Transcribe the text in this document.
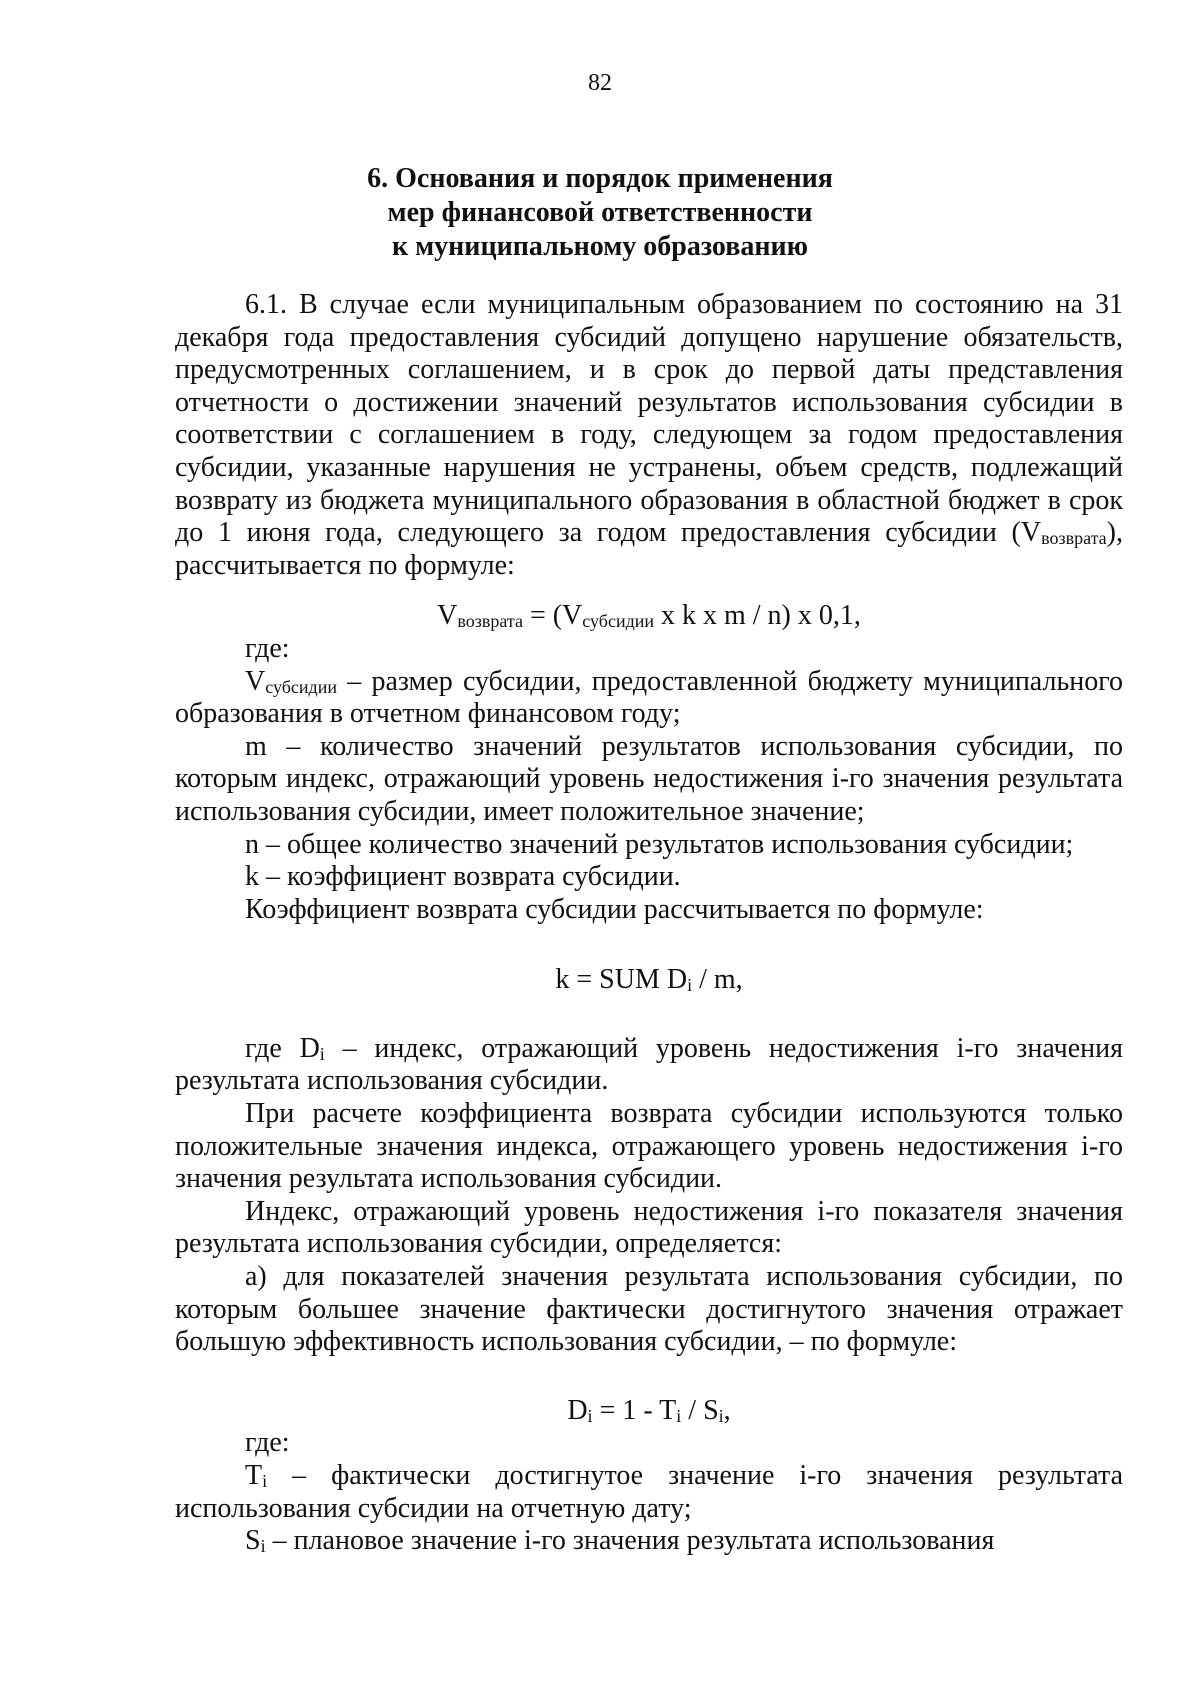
82
6. Основания и порядок применения
мер финансовой ответственности
к муниципальному образованию

6.1. В случае если муниципальным образованием по состоянию на 31 декабря года предоставления субсидий допущено нарушение обязательств, предусмотренных соглашением, и в срок до первой даты представления отчетности о достижении значений результатов использования субсидии в соответствии с соглашением в году, следующем за годом предоставления субсидии, указанные нарушения не устранены, объем средств, подлежащий возврату из бюджета муниципального образования в областной бюджет в срок до 1 июня года, следующего за годом предоставления субсидии $(V_{возврата})$, рассчитывается по формуле:

$V_{возврата} = (V_{субсидии}$ x k x m / n) x 0,1,

где:

$V_{субсидии}$ – размер субсидии, предоставленной бюджету муниципального образования в отчетном финансовом году;

m – количество значений результатов использования субсидии, по которым индекс, отражающий уровень недостижения i-го значения результата использования субсидии, имеет положительное значение;

n – общее количество значений результатов использования субсидии;

k – коэффициент возврата субсидии.

Коэффициент возврата субсидии рассчитывается по формуле:

k = SUM $D_i$ / m,

где $D_i$ – индекс, отражающий уровень недостижения i-го значения результата использования субсидии.

При расчете коэффициента возврата субсидии используются только положительные значения индекса, отражающего уровень недостижения i-го значения результата использования субсидии.

Индекс, отражающий уровень недостижения i-го показателя значения результата использования субсидии, определяется:

а) для показателей значения результата использования субсидии, по которым большее значение фактически достигнутого значения отражает большую эффективность использования субсидии, – по формуле:

$D_i = 1 - T_i / S_i$,

где:

$T_i$ – фактически достигнутое значение i-го значения результата использования субсидии на отчетную дату;

$S_i$ – плановое значение i-го значения результата использования
